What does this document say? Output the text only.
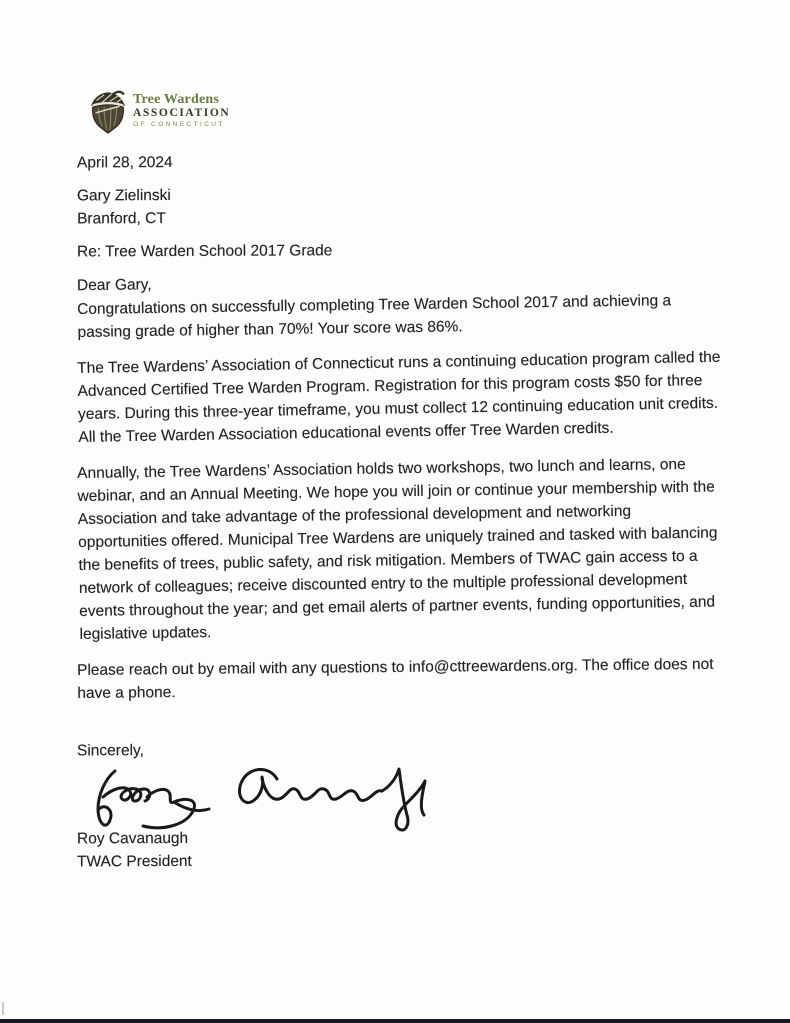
Tree Wardens
ASSOCIATION
OF CONNECTICUT
April 28, 2024
Gary Zielinski
Branford, CT
Re: Tree Warden School 2017 Grade
Dear Gary,

Congratulations on successfully completing Tree Warden School 2017 and achieving a passing grade of higher than 70%! Your score was 86%.

The Tree Wardens’ Association of Connecticut runs a continuing education program called the Advanced Certified Tree Warden Program. Registration for this program costs $50 for three years. During this three-year timeframe, you must collect 12 continuing education unit credits. All the Tree Warden Association educational events offer Tree Warden credits.

Annually, the Tree Wardens’ Association holds two workshops, two lunch and learns, one webinar, and an Annual Meeting. We hope you will join or continue your membership with the Association and take advantage of the professional development and networking opportunities offered. Municipal Tree Wardens are uniquely trained and tasked with balancing the benefits of trees, public safety, and risk mitigation. Members of TWAC gain access to a network of colleagues; receive discounted entry to the multiple professional development events throughout the year; and get email alerts of partner events, funding opportunities, and legislative updates.

Please reach out by email with any questions to info@cttreewardens.org. The office does not have a phone.

Sincerely,
Roy Cavanaugh
TWAC President
